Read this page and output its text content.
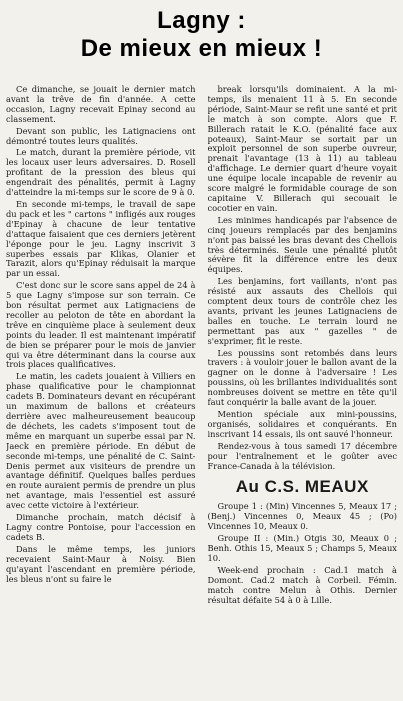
Lagny :
De mieux en mieux !

Ce dimanche, se jouait le dernier match avant la trêve de fin d'année. A cette occasion, Lagny recevait Epinay second au classement.

Devant son public, les Latignaciens ont démontré toutes leurs qualités.

Le match, durant la première période, vit les locaux user leurs adversaires. D. Rosell profitant de la pression des bleus qui engendrait des pénalités, permit à Lagny d'atteindre la mi-temps sur le score de 9 à 0.

En seconde mi-temps, le travail de sape du pack et les " cartons " infligés aux rouges d'Epinay à chacune de leur tentative d'attaque faisaient que ces derniers jetèrent l'éponge pour le jeu. Lagny inscrivit 3 superbes essais par Klikas, Olanier et Tarazit, alors qu'Epinay réduisait la marque par un essai.

C'est donc sur le score sans appel de 24 à 5 que Lagny s'impose sur son terrain. Ce bon résultat permet aux Latignaciens de recoller au peloton de tête en abordant la trêve en cinquième place à seulement deux points du leader. Il est maintenant impératif de bien se préparer pour le mois de janvier qui va être déterminant dans la course aux trois places qualificatives.

Le matin, les cadets jouaient à Villiers en phase qualificative pour le championnat cadets B. Dominateurs devant en récupérant un maximum de ballons et créateurs derrière avec malheureusement beaucoup de déchets, les cadets s'imposent tout de même en marquant un superbe essai par N. Jaeck en première période. En début de seconde mi-temps, une pénalité de C. Saint-Denis permet aux visiteurs de prendre un avantage définitif. Quelques balles perdues en route auraient permis de prendre un plus net avantage, mais l'essentiel est assuré avec cette victoire à l'extérieur.

Dimanche prochain, match décisif à Lagny contre Pontoise, pour l'accession en cadets B.

Dans le même temps, les juniors recevaient Saint-Maur à Noisy. Bien qu'ayant l'ascendant en première période, les bleus n'ont su faire le

break lorsqu'ils dominaient. A la mi-temps, ils menaient 11 à 5. En seconde période, Saint-Maur se refit une santé et prit le match à son compte. Alors que F. Billerach ratait le K.O. (pénalité face aux poteaux), Saint-Maur se sortait par un exploit personnel de son superbe ouvreur, prenait l'avantage (13 à 11) au tableau d'affichage. Le dernier quart d'heure voyait une équipe locale incapable de revenir au score malgré le formidable courage de son capitaine V. Billerach qui secouait le cocotier en vain.

Les minimes handicapés par l'absence de cinq joueurs remplacés par des benjamins n'ont pas baissé les bras devant des Chellois très déterminés. Seule une pénalité plutôt sévère fit la différence entre les deux équipes.

Les benjamins, fort vaillants, n'ont pas résisté aux assauts des Chellois qui comptent deux tours de contrôle chez les avants, privant les jeunes Latignaciens de balles en touche. Le terrain lourd ne permettant pas aux " gazelles " de s'exprimer, fit le reste.

Les poussins sont retombés dans leurs travers : à vouloir jouer le ballon avant de la gagner on le donne à l'adversaire ! Les poussins, où les brillantes individualités sont nombreuses doivent se mettre en tête qu'il faut conquérir la balle avant de la jouer.

Mention spéciale aux mini-poussins, organisés, solidaires et conquérants. En inscrivant 14 essais, ils ont sauvé l'honneur.

Rendez-vous à tous samedi 17 décembre pour l'entraînement et le goûter avec France-Canada à la télévision.

Au C.S. MEAUX

Groupe 1 : (Min) Vincennes 5, Meaux 17 ; (Benj.) Vincennes 0, Meaux 45 ; (Po) Vincennes 10, Meaux 0.

Groupe II : (Min.) Otgis 30, Meaux 0 ; Benh. Othis 15, Meaux 5 ; Champs 5, Meaux 10.

Week-end prochain : Cad.1 match à Domont. Cad.2 match à Corbeil. Fémin. match contre Melun à Othis. Dernier résultat défaite 54 à 0 à Lille.
